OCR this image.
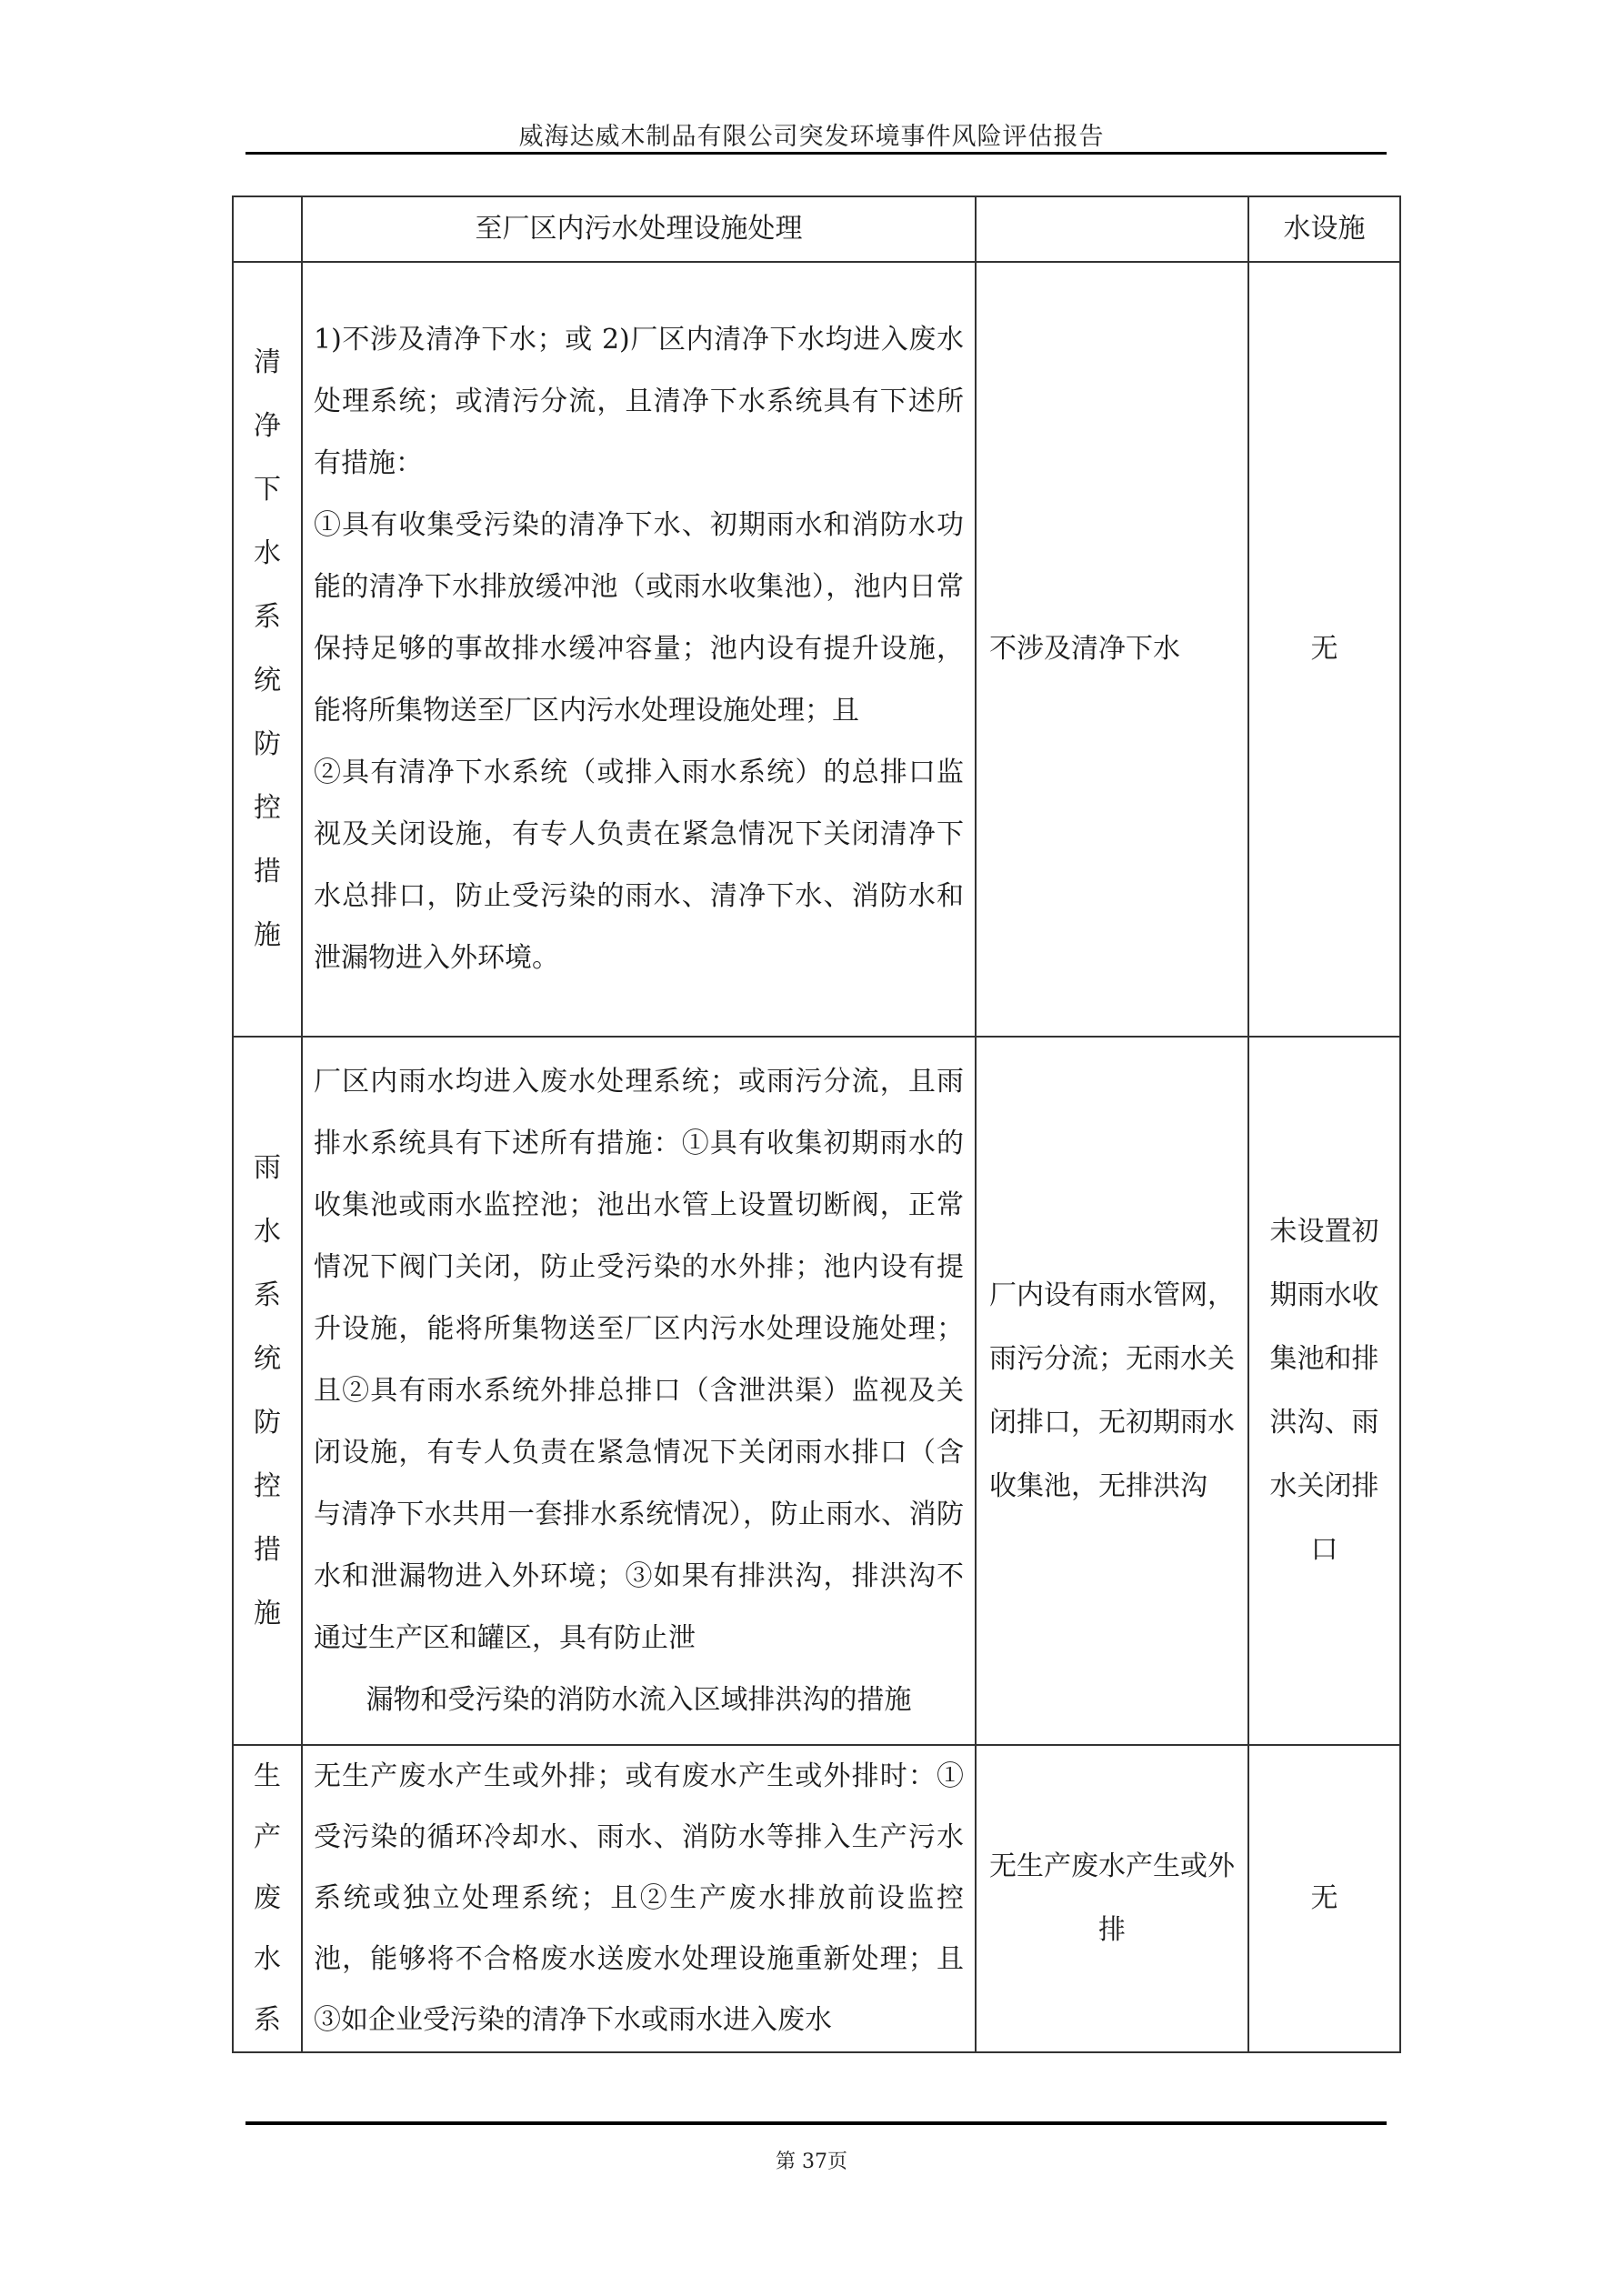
威海达威木制品有限公司突发环境事件风险评估报告
	至厂区内污水处理设施处理		水设施
清净下水系统防控措施	1)不涉及清净下水；或 2)厂区内清净下水均进入废水处理系统；或清污分流，且清净下水系统具有下述所有措施：
①具有收集受污染的清净下水、初期雨水和消防水功能的清净下水排放缓冲池（或雨水收集池），池内日常保持足够的事故排水缓冲容量；池内设有提升设施，能将所集物送至厂区内污水处理设施处理；且
②具有清净下水系统（或排入雨水系统）的总排口监视及关闭设施，有专人负责在紧急情况下关闭清净下水总排口，防止受污染的雨水、清净下水、消防水和泄漏物进入外环境。	不涉及清净下水	无
雨水系统防控措施	厂区内雨水均进入废水处理系统；或雨污分流，且雨排水系统具有下述所有措施：①具有收集初期雨水的收集池或雨水监控池；池出水管上设置切断阀，正常情况下阀门关闭，防止受污染的水外排；池内设有提升设施，能将所集物送至厂区内污水处理设施处理；且②具有雨水系统外排总排口（含泄洪渠）监视及关闭设施，有专人负责在紧急情况下关闭雨水排口（含与清净下水共用一套排水系统情况），防止雨水、消防水和泄漏物进入外环境；③如果有排洪沟，排洪沟不通过生产区和罐区，具有防止泄
漏物和受污染的消防水流入区域排洪沟的措施	厂内设有雨水管网，雨污分流；无雨水关闭排口，无初期雨水收集池，无排洪沟	未设置初期雨水收集池和排洪沟、雨水关闭排口
生产废水系	无生产废水产生或外排；或有废水产生或外排时：①受污染的循环冷却水、雨水、消防水等排入生产污水系统或独立处理系统；且②生产废水排放前设监控池，能够将不合格废水送废水处理设施重新处理；且③如企业受污染的清净下水或雨水进入废水	无生产废水产生或外排	无
第 37页
